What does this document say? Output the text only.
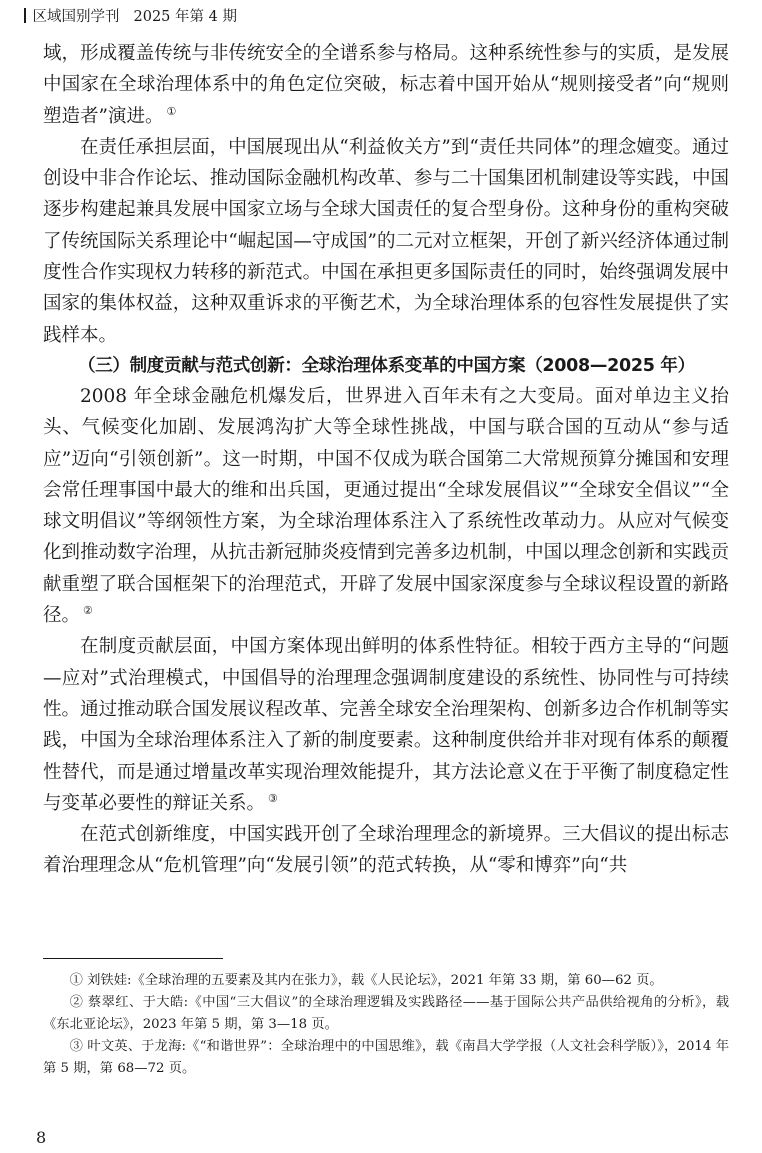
区域国别学刊 2025 年第 4 期

域，形成覆盖传统与非传统安全的全谱系参与格局。这种系统性参与的实质，是发展中国家在全球治理体系中的角色定位突破，标志着中国开始从“规则接受者”向“规则塑造者”演进。 ①

在责任承担层面，中国展现出从“利益攸关方”到“责任共同体”的理念嬗变。通过创设中非合作论坛、推动国际金融机构改革、参与二十国集团机制建设等实践，中国逐步构建起兼具发展中国家立场与全球大国责任的复合型身份。这种身份的重构突破了传统国际关系理论中“崛起国—守成国”的二元对立框架，开创了新兴经济体通过制度性合作实现权力转移的新范式。中国在承担更多国际责任的同时，始终强调发展中国家的集体权益，这种双重诉求的平衡艺术，为全球治理体系的包容性发展提供了实践样本。

（三）制度贡献与范式创新：全球治理体系变革的中国方案（2008—2025 年）

2008 年全球金融危机爆发后，世界进入百年未有之大变局。面对单边主义抬头、气候变化加剧、发展鸿沟扩大等全球性挑战，中国与联合国的互动从“参与适应”迈向“引领创新”。这一时期，中国不仅成为联合国第二大常规预算分摊国和安理会常任理事国中最大的维和出兵国，更通过提出“全球发展倡议”“全球安全倡议”“全球文明倡议”等纲领性方案，为全球治理体系注入了系统性改革动力。从应对气候变化到推动数字治理，从抗击新冠肺炎疫情到完善多边机制，中国以理念创新和实践贡献重塑了联合国框架下的治理范式，开辟了发展中国家深度参与全球议程设置的新路径。 ②

在制度贡献层面，中国方案体现出鲜明的体系性特征。相较于西方主导的“问题—应对”式治理模式，中国倡导的治理理念强调制度建设的系统性、协同性与可持续性。通过推动联合国发展议程改革、完善全球安全治理架构、创新多边合作机制等实践，中国为全球治理体系注入了新的制度要素。这种制度供给并非对现有体系的颠覆性替代，而是通过增量改革实现治理效能提升，其方法论意义在于平衡了制度稳定性与变革必要性的辩证关系。 ③

在范式创新维度，中国实践开创了全球治理理念的新境界。三大倡议的提出标志着治理理念从“危机管理”向“发展引领”的范式转换，从“零和博弈”向“共

① 刘铁娃:《全球治理的五要素及其内在张力》，载《人民论坛》，2021 年第 33 期，第 60—62 页。

② 蔡翠红、于大皓:《中国“三大倡议”的全球治理逻辑及实践路径——基于国际公共产品供给视角的分析》，载《东北亚论坛》，2023 年第 5 期，第 3—18 页。

③ 叶文英、于龙海:《“和谐世界”：全球治理中的中国思维》，载《南昌大学学报（人文社会科学版）》，2014 年第 5 期，第 68—72 页。

8
